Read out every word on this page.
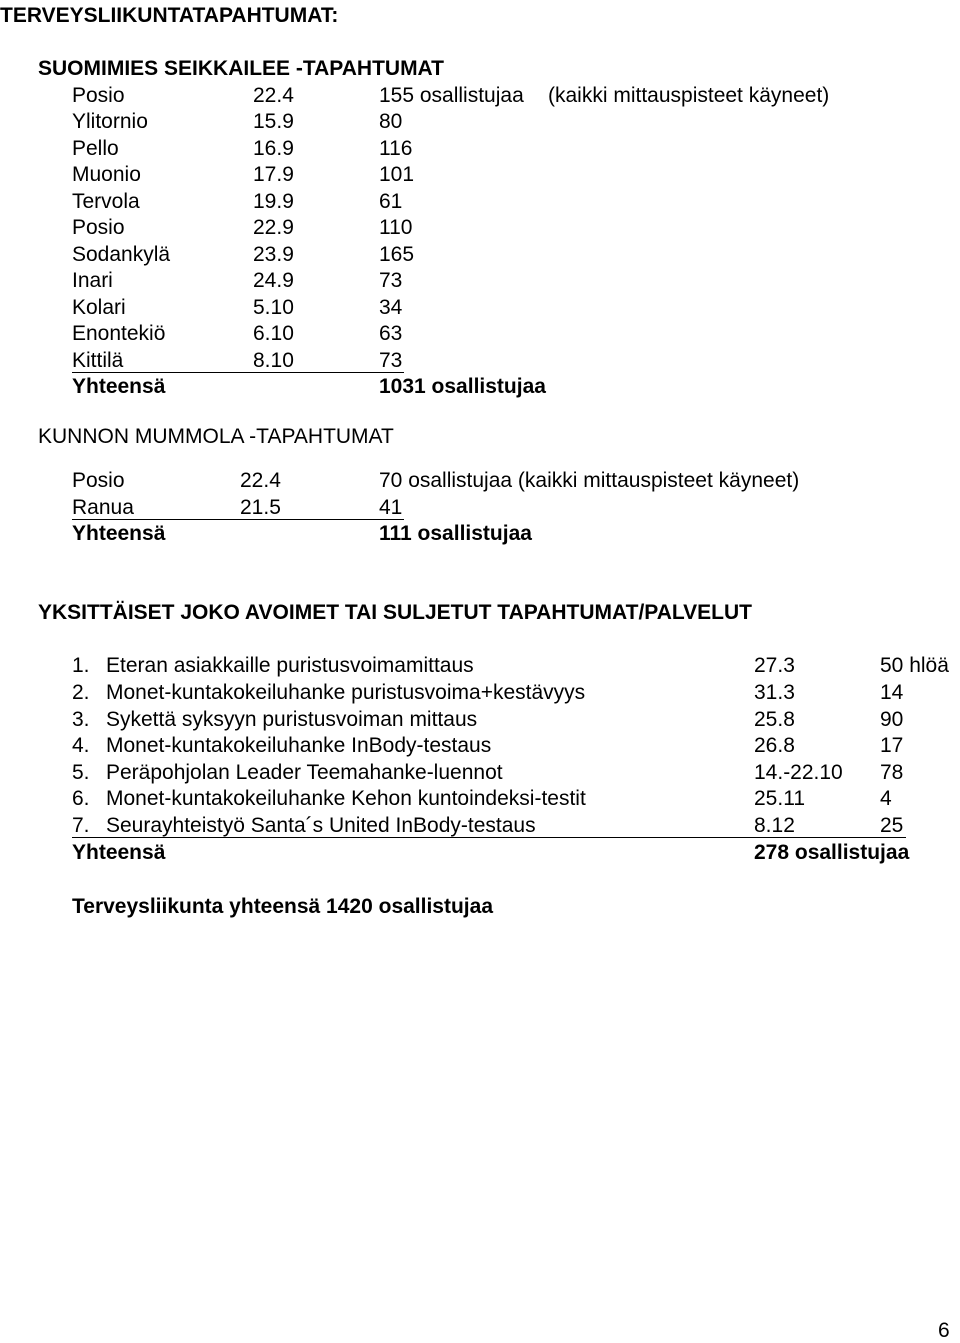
TERVEYSLIIKUNTATAPAHTUMAT:
SUOMIMIES SEIKKAILEE -TAPAHTUMAT
Posio	22.4	155 osallistujaa (kaikki mittauspisteet käyneet)
Ylitornio	15.9	80
Pello	16.9	116
Muonio	17.9	101
Tervola	19.9	61
Posio	22.9	110
Sodankylä	23.9	165
Inari	24.9	73
Kolari	5.10	34
Enontekiö	6.10	63
Kittilä	8.10	73
Yhteensä	1031 osallistujaa
KUNNON MUMMOLA -TAPAHTUMAT
Posio	22.4	70 osallistujaa (kaikki mittauspisteet käyneet)
Ranua	21.5	41
Yhteensä	111 osallistujaa
YKSITTÄISET JOKO AVOIMET TAI SULJETUT TAPAHTUMAT/PALVELUT
1. Eteran asiakkaille puristusvoimamittaus	27.3	50 hlöä
2. Monet-kuntakokeiluhanke puristusvoima+kestävyys	31.3	14
3. Sykettä syksyyn puristusvoiman mittaus	25.8	90
4. Monet-kuntakokeiluhanke InBody-testaus	26.8	17
5. Peräpohjolan Leader Teemahanke-luennot	14.-22.10 78
6. Monet-kuntakokeiluhanke Kehon kuntoindeksi-testit	25.11	4
7. Seurayhteistyö Santa´s United InBody-testaus	8.12	25
Yhteensä	278 osallistujaa
Terveysliikunta yhteensä 1420 osallistujaa
6
